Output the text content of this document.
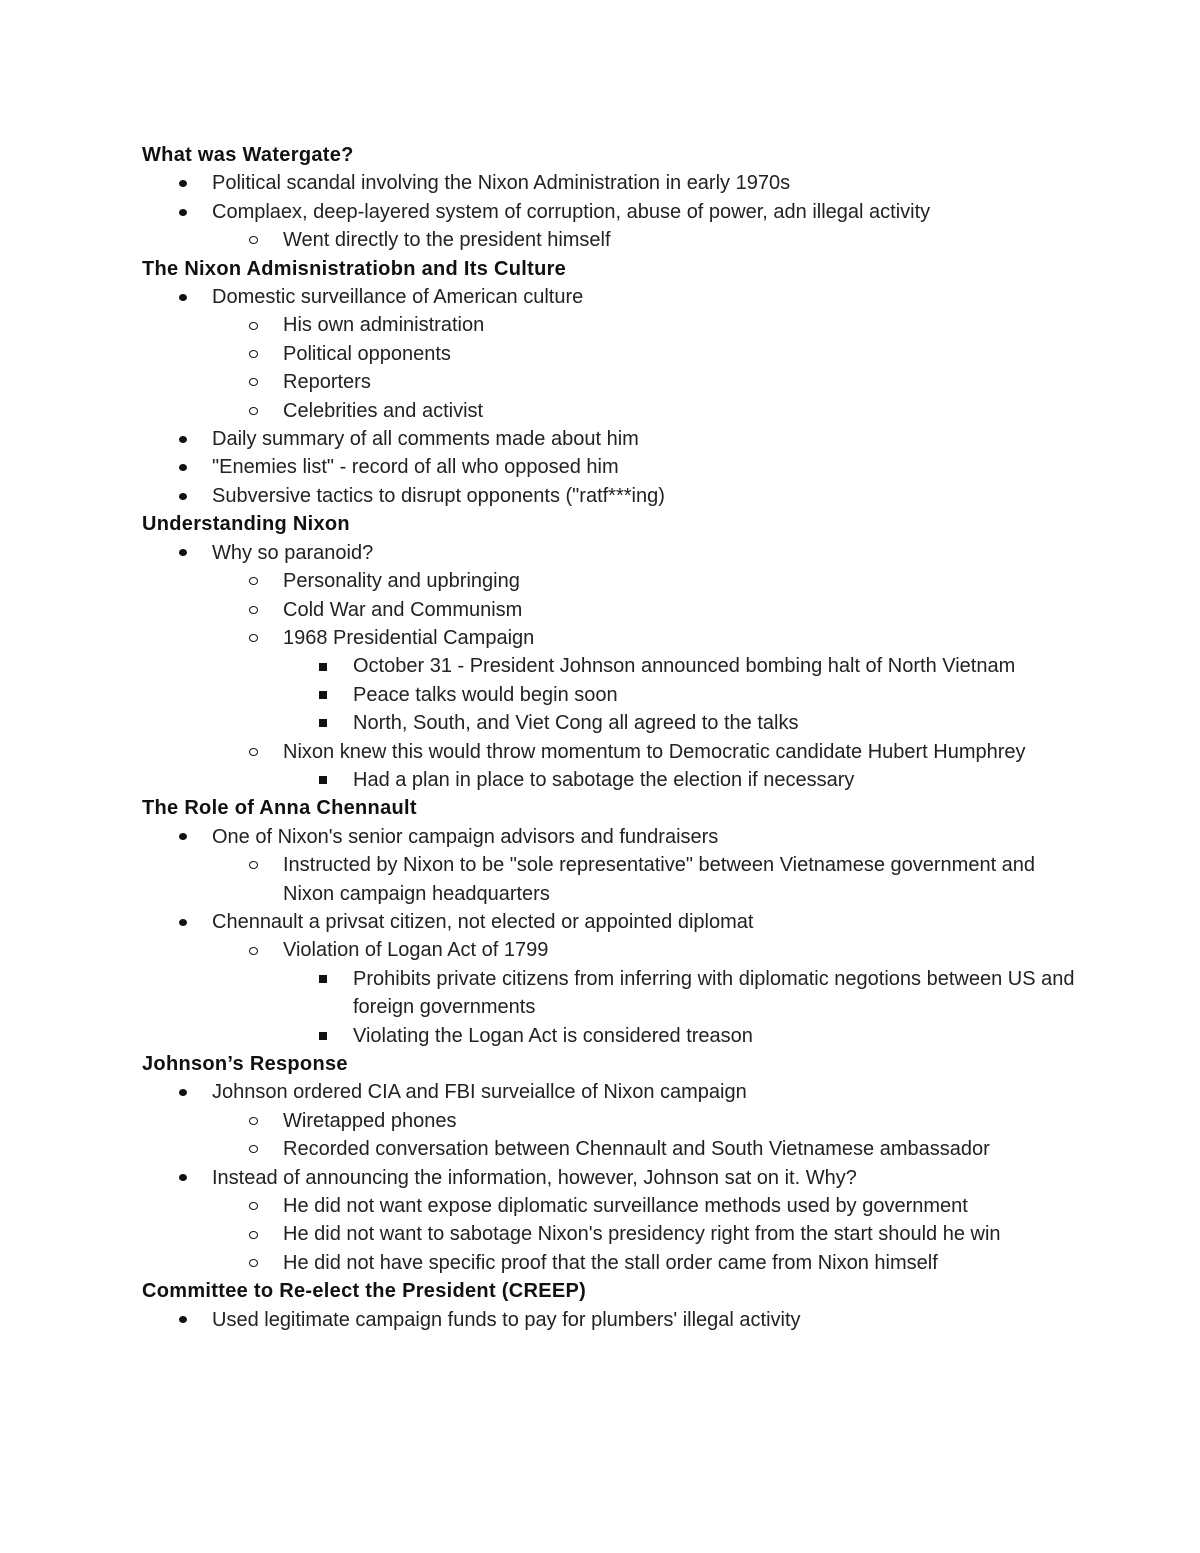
What was Watergate?
Political scandal involving the Nixon Administration in early 1970s
Complaex, deep-layered system of corruption, abuse of power, adn illegal activity
Went directly to the president himself
The Nixon Admisnistratiobn and Its Culture
Domestic surveillance of American culture
His own administration
Political opponents
Reporters
Celebrities and activist
Daily summary of all comments made about him
"Enemies list" - record of all who opposed him
Subversive tactics to disrupt opponents ("ratf***ing)
Understanding Nixon
Why so paranoid?
Personality and upbringing
Cold War and Communism
1968 Presidential Campaign
October 31 - President Johnson announced bombing halt of North Vietnam
Peace talks would begin soon
North, South, and Viet Cong all agreed to the talks
Nixon knew this would throw momentum to Democratic candidate Hubert Humphrey
Had a plan in place to sabotage the election if necessary
The Role of Anna Chennault
One of Nixon's senior campaign advisors and fundraisers
Instructed by Nixon to be "sole representative" between Vietnamese government and Nixon campaign headquarters
Chennault a privsat citizen, not elected or appointed diplomat
Violation of Logan Act of 1799
Prohibits private citizens from inferring with diplomatic negotions between US and foreign governments
Violating the Logan Act is considered treason
Johnson’s Response
Johnson ordered CIA and FBI surveiallce of Nixon campaign
Wiretapped phones
Recorded conversation between Chennault and South Vietnamese ambassador
Instead of announcing the information, however, Johnson sat on it. Why?
He did not want expose diplomatic surveillance methods used by government
He did not want to sabotage Nixon's presidency right from the start should he win
He did not have specific proof that the stall order came from Nixon himself
Committee to Re-elect the President (CREEP)
Used legitimate campaign funds to pay for plumbers' illegal activity
